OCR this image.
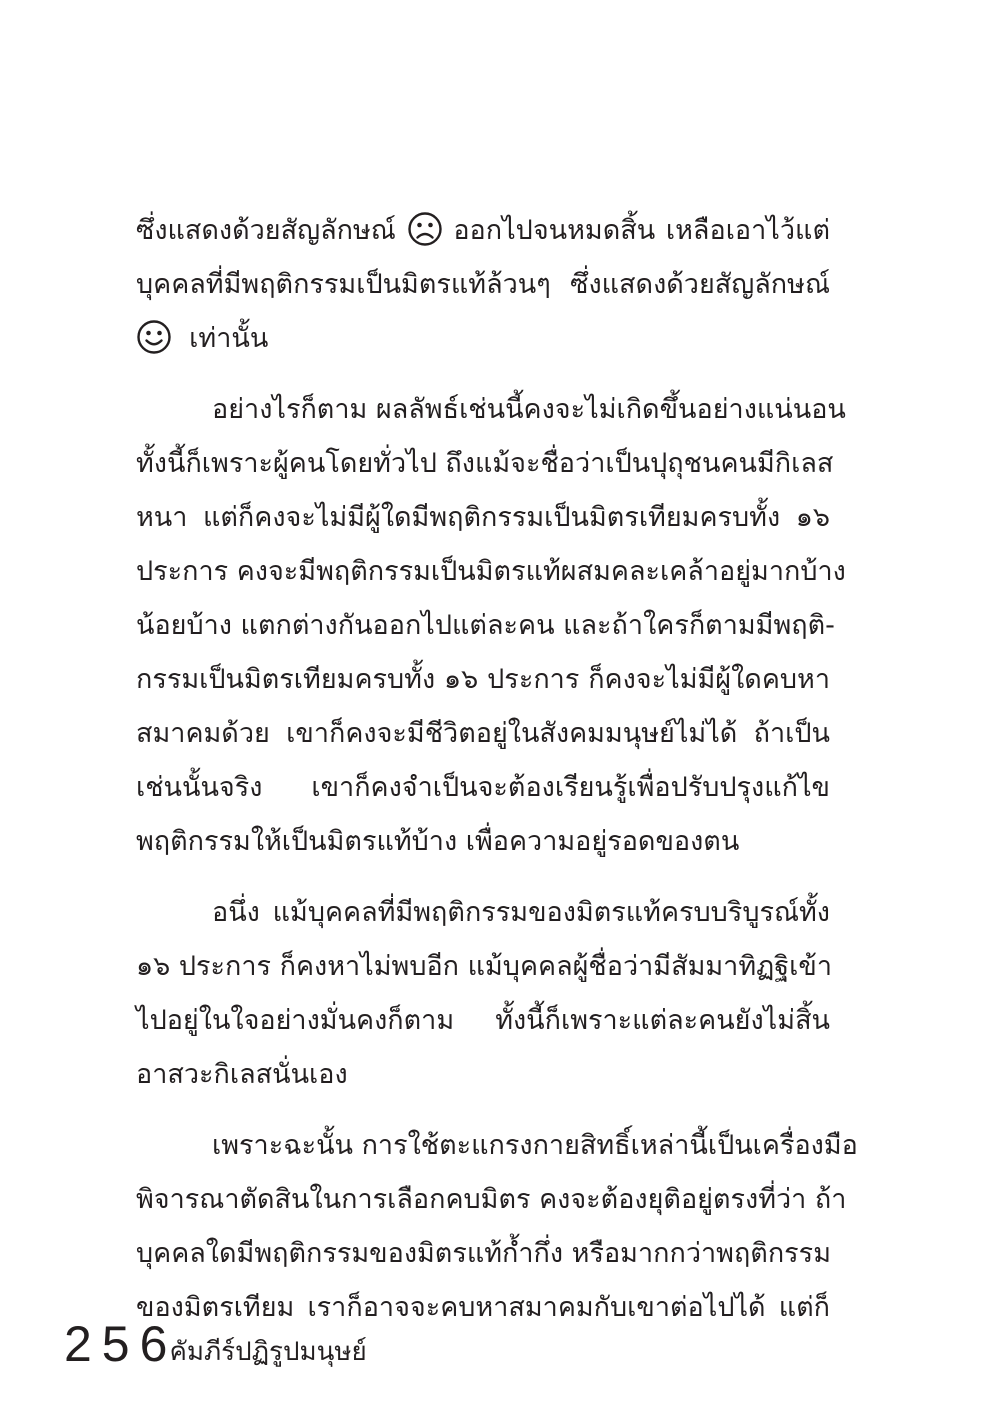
ซึ่งแสดงด้วยสัญลักษณ์ ออกไปจนหมดสิ้น เหลือเอาไว้แต่
บุคคลที่มีพฤติกรรมเป็นมิตรแท้ล้วนๆ ซึ่งแสดงด้วยสัญลักษณ์
เท่านั้น
อย่างไรก็ตาม ผลลัพธ์เช่นนี้คงจะไม่เกิดขึ้นอย่างแน่นอน
ทั้งนี้ก็เพราะผู้คนโดยทั่วไป ถึงแม้จะชื่อว่าเป็นปุถุชนคนมีกิเลส
หนา แต่ก็คงจะไม่มีผู้ใดมีพฤติกรรมเป็นมิตรเทียมครบทั้ง ๑๖
ประการ คงจะมีพฤติกรรมเป็นมิตรแท้ผสมคละเคล้าอยู่มากบ้าง
น้อยบ้าง แตกต่างกันออกไปแต่ละคน และถ้าใครก็ตามมีพฤติ-
กรรมเป็นมิตรเทียมครบทั้ง ๑๖ ประการ ก็คงจะไม่มีผู้ใดคบหา
สมาคมด้วย เขาก็คงจะมีชีวิตอยู่ในสังคมมนุษย์ไม่ได้ ถ้าเป็น
เช่นนั้นจริง เขาก็คงจำเป็นจะต้องเรียนรู้เพื่อปรับปรุงแก้ไข
พฤติกรรมให้เป็นมิตรแท้บ้าง เพื่อความอยู่รอดของตน
อนึ่ง แม้บุคคลที่มีพฤติกรรมของมิตรแท้ครบบริบูรณ์ทั้ง
๑๖ ประการ ก็คงหาไม่พบอีก แม้บุคคลผู้ชื่อว่ามีสัมมาทิฏฐิเข้า
ไปอยู่ในใจอย่างมั่นคงก็ตาม ทั้งนี้ก็เพราะแต่ละคนยังไม่สิ้น
อาสวะกิเลสนั่นเอง
เพราะฉะนั้น การใช้ตะแกรงกายสิทธิ์เหล่านี้เป็นเครื่องมือ
พิจารณาตัดสินในการเลือกคบมิตร คงจะต้องยุติอยู่ตรงที่ว่า ถ้า
บุคคลใดมีพฤติกรรมของมิตรแท้ก้ำกึ่ง หรือมากกว่าพฤติกรรม
ของมิตรเทียม เราก็อาจจะคบหาสมาคมกับเขาต่อไปได้ แต่ก็
256
คัมภีร์ปฏิรูปมนุษย์
